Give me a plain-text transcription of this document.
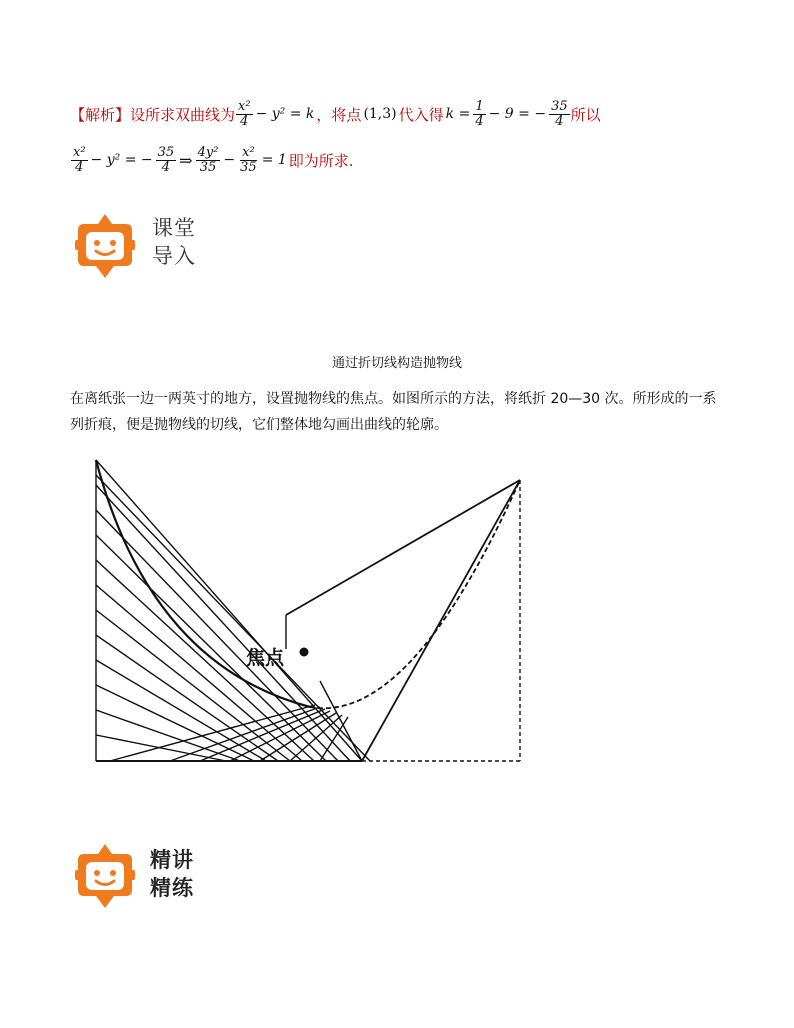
【解析】 设所求双曲线为 $\frac{\text{x²}}{4} - y^2 = k$ ， 将点 (1,3) 代入得 $k = \frac{1}{4} - 9$ = − $\frac{35}{4}$ 所以
$\frac{\text{x²}}{4} - y^2$ = − $\frac{35}{4}$ ⇒ $\frac{\text{4y²}}{35} - \frac{\text{x²}}{35} = 1$ 即为所求.
课堂
导入
通过折切线构造抛物线
在离纸张一边一两英寸的地方，设置抛物线的焦点。如图所示的方法，将纸折 20—30 次。所形成的一系列折痕，便是抛物线的切线，它们整体地勾画出曲线的轮廓。
焦点
精讲
精练
